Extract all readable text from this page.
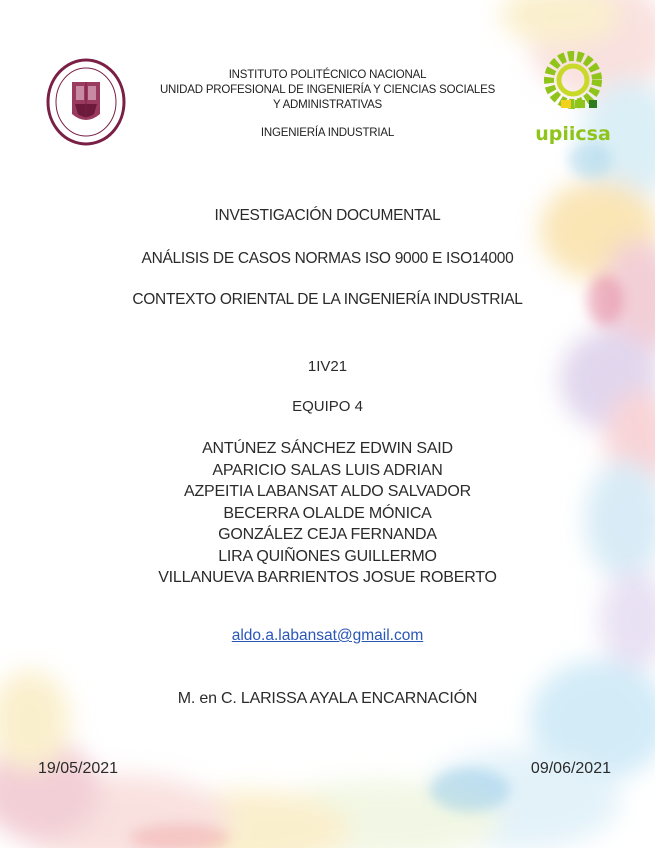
upiicsa
INSTITUTO POLITÉCNICO NACIONAL
UNIDAD PROFESIONAL DE INGENIERÍA Y CIENCIAS SOCIALES
Y ADMINISTRATIVAS
INGENIERÍA INDUSTRIAL
INVESTIGACIÓN DOCUMENTAL
ANÁLISIS DE CASOS NORMAS ISO 9000 E ISO14000
CONTEXTO ORIENTAL DE LA INGENIERÍA INDUSTRIAL
1IV21
EQUIPO 4
ANTÚNEZ SÁNCHEZ EDWIN SAID
APARICIO SALAS LUIS ADRIAN
AZPEITIA LABANSAT ALDO SALVADOR
BECERRA OLALDE MÓNICA
GONZÁLEZ CEJA FERNANDA
LIRA QUIÑONES GUILLERMO
VILLANUEVA BARRIENTOS JOSUE ROBERTO
aldo.a.labansat@gmail.com
M. en C. LARISSA AYALA ENCARNACIÓN
19/05/2021	09/06/2021
